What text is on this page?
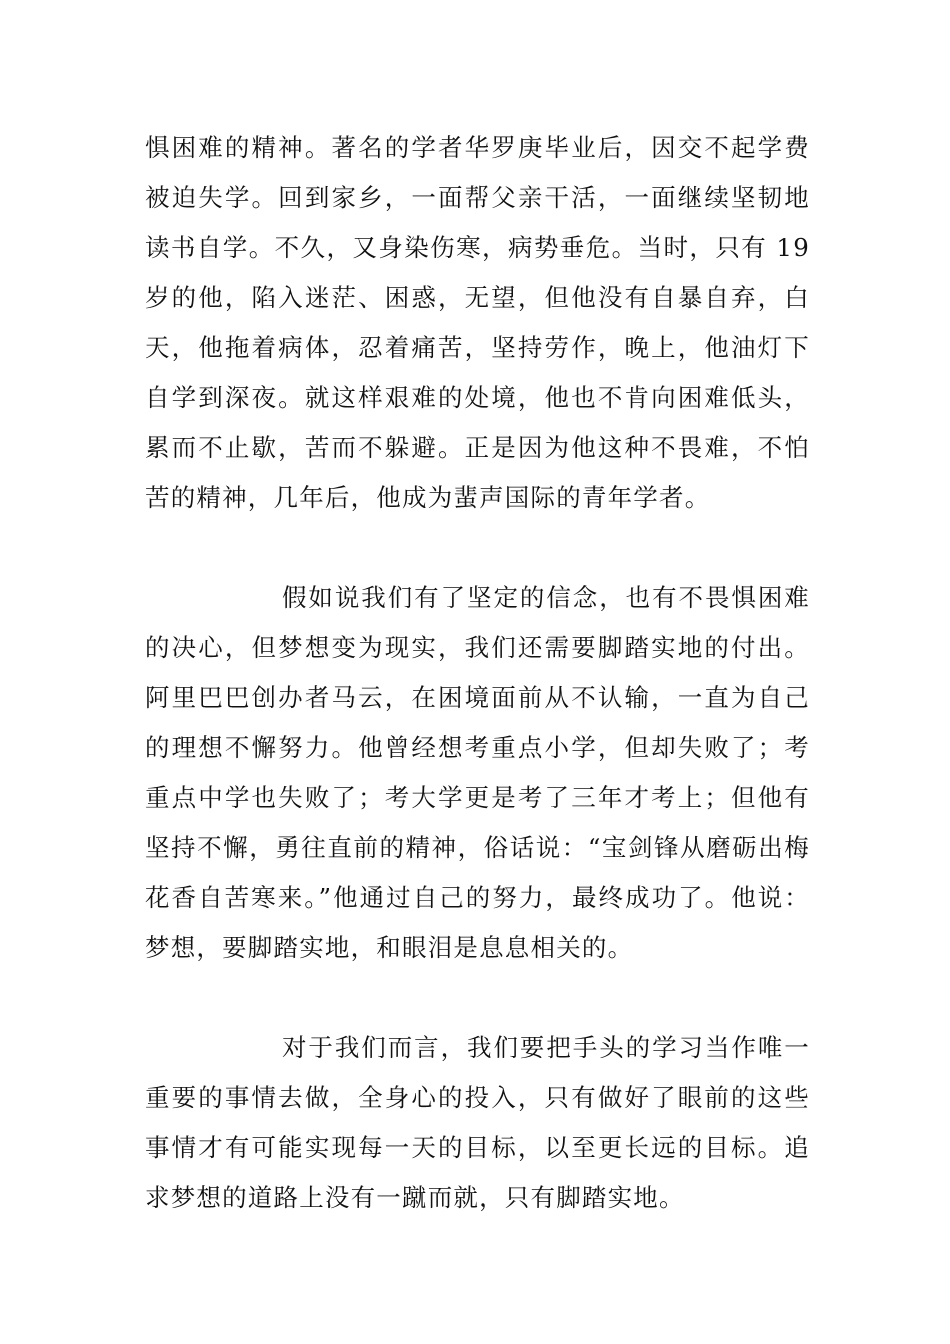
惧困难的精神。著名的学者华罗庚毕业后，因交不起学费被迫失学。回到家乡，一面帮父亲干活，一面继续坚韧地读书自学。不久，又身染伤寒，病势垂危。当时，只有 19 岁的他，陷入迷茫、困惑，无望，但他没有自暴自弃，白天，他拖着病体，忍着痛苦，坚持劳作，晚上，他油灯下自学到深夜。就这样艰难的处境，他也不肯向困难低头，累而不止歇，苦而不躲避。正是因为他这种不畏难，不怕苦的精神，几年后，他成为蜚声国际的青年学者。

假如说我们有了坚定的信念，也有不畏惧困难的决心，但梦想变为现实，我们还需要脚踏实地的付出。阿里巴巴创办者马云，在困境面前从不认输，一直为自己的理想不懈努力。他曾经想考重点小学，但却失败了；考重点中学也失败了；考大学更是考了三年才考上；但他有坚持不懈，勇往直前的精神，俗话说：“宝剑锋从磨砺出梅花香自苦寒来。”他通过自己的努力，最终成功了。他说：梦想，要脚踏实地，和眼泪是息息相关的。

对于我们而言，我们要把手头的学习当作唯一重要的事情去做，全身心的投入，只有做好了眼前的这些事情才有可能实现每一天的目标，以至更长远的目标。追求梦想的道路上没有一蹴而就，只有脚踏实地。
